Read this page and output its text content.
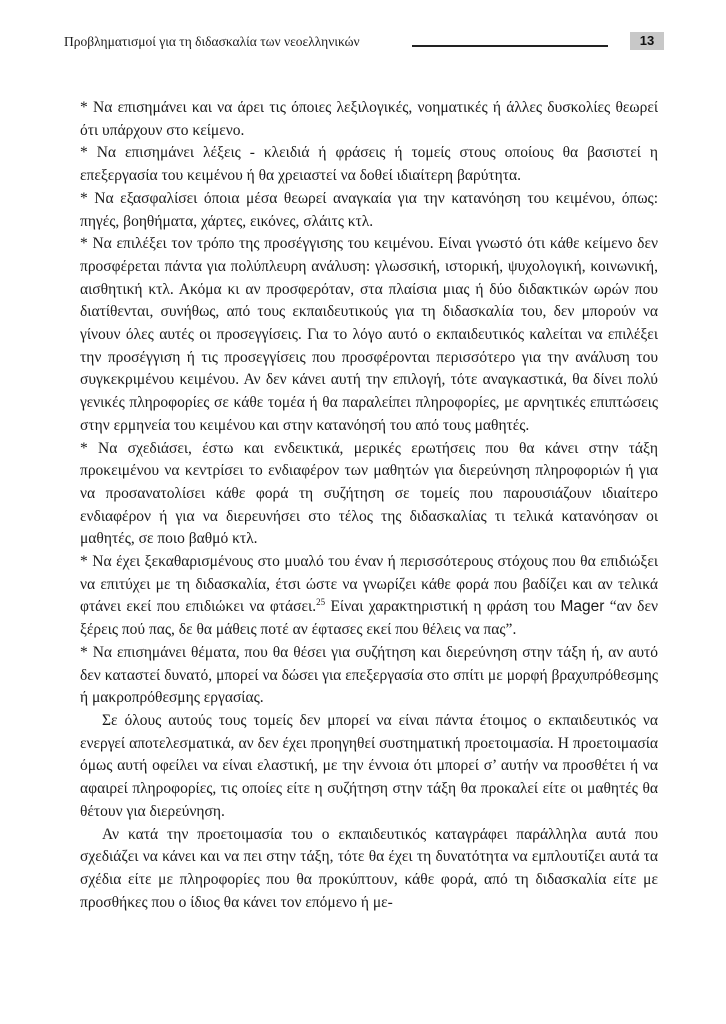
Προβληματισμοί για τη διδασκαλία των νεοελληνικών	13

* Να επισημάνει και να άρει τις όποιες λεξιλογικές, νοηματικές ή άλλες δυσκολίες θεωρεί ότι υπάρχουν στο κείμενο.

* Να επισημάνει λέξεις - κλειδιά ή φράσεις ή τομείς στους οποίους θα βασιστεί η επεξεργασία του κειμένου ή θα χρειαστεί να δοθεί ιδιαίτερη βαρύτητα.

* Να εξασφαλίσει όποια μέσα θεωρεί αναγκαία για την κατανόηση του κειμένου, όπως: πηγές, βοηθήματα, χάρτες, εικόνες, σλάιτς κτλ.

* Να επιλέξει τον τρόπο της προσέγγισης του κειμένου. Είναι γνωστό ότι κάθε κείμενο δεν προσφέρεται πάντα για πολύπλευρη ανάλυση: γλωσσική, ιστορική, ψυχολογική, κοινωνική, αισθητική κτλ. Ακόμα κι αν προσφερόταν, στα πλαίσια μιας ή δύο διδακτικών ωρών που διατίθενται, συνήθως, από τους εκπαιδευτικούς για τη διδασκαλία του, δεν μπορούν να γίνουν όλες αυτές οι προσεγγίσεις. Για το λόγο αυτό ο εκπαιδευτικός καλείται να επιλέξει την προσέγγιση ή τις προσεγγίσεις που προσφέρονται περισσότερο για την ανάλυση του συγκεκριμένου κειμένου. Αν δεν κάνει αυτή την επιλογή, τότε αναγκαστικά, θα δίνει πολύ γενικές πληροφορίες σε κάθε τομέα ή θα παραλείπει πληροφορίες, με αρνητικές επιπτώσεις στην ερμηνεία του κειμένου και στην κατανόησή του από τους μαθητές.

* Να σχεδιάσει, έστω και ενδεικτικά, μερικές ερωτήσεις που θα κάνει στην τάξη προκειμένου να κεντρίσει το ενδιαφέρον των μαθητών για διερεύνηση πληροφοριών ή για να προσανατολίσει κάθε φορά τη συζήτηση σε τομείς που παρουσιάζουν ιδιαίτερο ενδιαφέρον ή για να διερευνήσει στο τέλος της διδασκαλίας τι τελικά κατανόησαν οι μαθητές, σε ποιο βαθμό κτλ.

* Να έχει ξεκαθαρισμένους στο μυαλό του έναν ή περισσότερους στόχους που θα επιδιώξει να επιτύχει με τη διδασκαλία, έτσι ώστε να γνωρίζει κάθε φορά που βαδίζει και αν τελικά φτάνει εκεί που επιδιώκει να φτάσει.$^{25}$ Είναι χαρακτηριστική η φράση του Mager “αν δεν ξέρεις πού πας, δε θα μάθεις ποτέ αν έφτασες εκεί που θέλεις να πας”.

* Να επισημάνει θέματα, που θα θέσει για συζήτηση και διερεύνηση στην τάξη ή, αν αυτό δεν καταστεί δυνατό, μπορεί να δώσει για επεξεργασία στο σπίτι με μορφή βραχυπρόθεσμης ή μακροπρόθεσμης εργασίας.

Σε όλους αυτούς τους τομείς δεν μπορεί να είναι πάντα έτοιμος ο εκπαιδευτικός να ενεργεί αποτελεσματικά, αν δεν έχει προηγηθεί συστηματική προετοιμασία. Η προετοιμασία όμως αυτή οφείλει να είναι ελαστική, με την έννοια ότι μπορεί σ’ αυτήν να προσθέτει ή να αφαιρεί πληροφορίες, τις οποίες είτε η συζήτηση στην τάξη θα προκαλεί είτε οι μαθητές θα θέτουν για διερεύνηση.

Αν κατά την προετοιμασία του ο εκπαιδευτικός καταγράφει παράλληλα αυτά που σχεδιάζει να κάνει και να πει στην τάξη, τότε θα έχει τη δυνατότητα να εμπλουτίζει αυτά τα σχέδια είτε με πληροφορίες που θα προκύπτουν, κάθε φορά, από τη διδασκαλία είτε με προσθήκες που ο ίδιος θα κάνει τον επόμενο ή με-
